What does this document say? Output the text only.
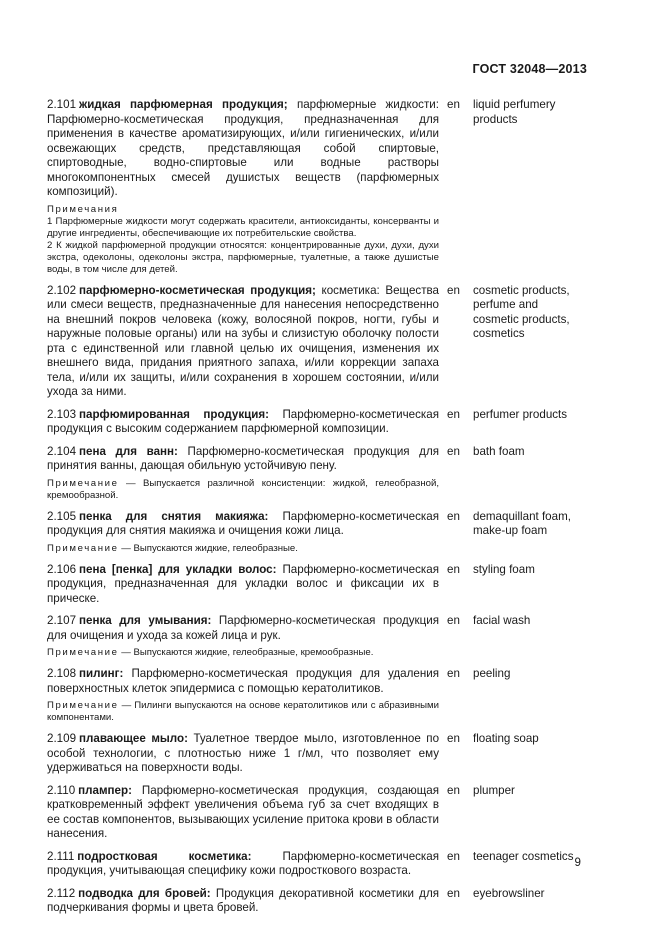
ГОСТ 32048—2013
2.101 жидкая парфюмерная продукция; парфюмерные жидкости: Парфюмерно-косметическая продукция, предназначенная для применения в качестве ароматизирующих, и/или гигиенических, и/или освежающих средств, представляющая собой спиртовые, спиртоводные, водно-спиртовые или водные растворы многокомпонентных смесей душистых веществ (парфюмерных композиций).
Примечания
1 Парфюмерные жидкости могут содержать красители, антиоксиданты, консерванты и другие ингредиенты, обеспечивающие их потребительские свойства.
2 К жидкой парфюмерной продукции относятся: концентрированные духи, духи, духи экстра, одеколоны, одеколоны экстра, парфюмерные, туалетные, а также душистые воды, в том числе для детей.
en	liquid perfumery products
2.102 парфюмерно-косметическая продукция; косметика: Вещества или смеси веществ, предназначенные для нанесения непосредственно на внешний покров человека (кожу, волосяной покров, ногти, губы и наружные половые органы) или на зубы и слизистую оболочку полости рта с единственной или главной целью их очищения, изменения их внешнего вида, придания приятного запаха, и/или коррекции запаха тела, и/или их защиты, и/или сохранения в хорошем состоянии, и/или ухода за ними.
en	cosmetic products, perfume and cosmetic products, cosmetics
2.103 парфюмированная продукция: Парфюмерно-косметическая продукция с высоким содержанием парфюмерной композиции.
en	perfumer products
2.104 пена для ванн: Парфюмерно-косметическая продукция для принятия ванны, дающая обильную устойчивую пену.
Примечание — Выпускается различной консистенции: жидкой, гелеобразной, кремообразной.
en	bath foam
2.105 пенка для снятия макияжа: Парфюмерно-косметическая продукция для снятия макияжа и очищения кожи лица.
Примечание — Выпускаются жидкие, гелеобразные.
en	demaquillant foam, make-up foam
2.106 пена [пенка] для укладки волос: Парфюмерно-косметическая продукция, предназначенная для укладки волос и фиксации их в прическе.
en	styling foam
2.107 пенка для умывания: Парфюмерно-косметическая продукция для очищения и ухода за кожей лица и рук.
Примечание — Выпускаются жидкие, гелеобразные, кремообразные.
en	facial wash
2.108 пилинг: Парфюмерно-косметическая продукция для удаления поверхностных клеток эпидермиса с помощью кератолитиков.
Примечание — Пилинги выпускаются на основе кератолитиков или с абразивными компонентами.
en	peeling
2.109 плавающее мыло: Туалетное твердое мыло, изготовленное по особой технологии, с плотностью ниже 1 г/мл, что позволяет ему удерживаться на поверхности воды.
en	floating soap
2.110 плампер: Парфюмерно-косметическая продукция, создающая кратковременный эффект увеличения объема губ за счет входящих в ее состав компонентов, вызывающих усиление притока крови в области нанесения.
en	plumper
2.111 подростковая косметика: Парфюмерно-косметическая продукция, учитывающая специфику кожи подросткового возраста.
en	teenager cosmetics
2.112 подводка для бровей: Продукция декоративной косметики для подчеркивания формы и цвета бровей.
en	eyebrowsliner
9
